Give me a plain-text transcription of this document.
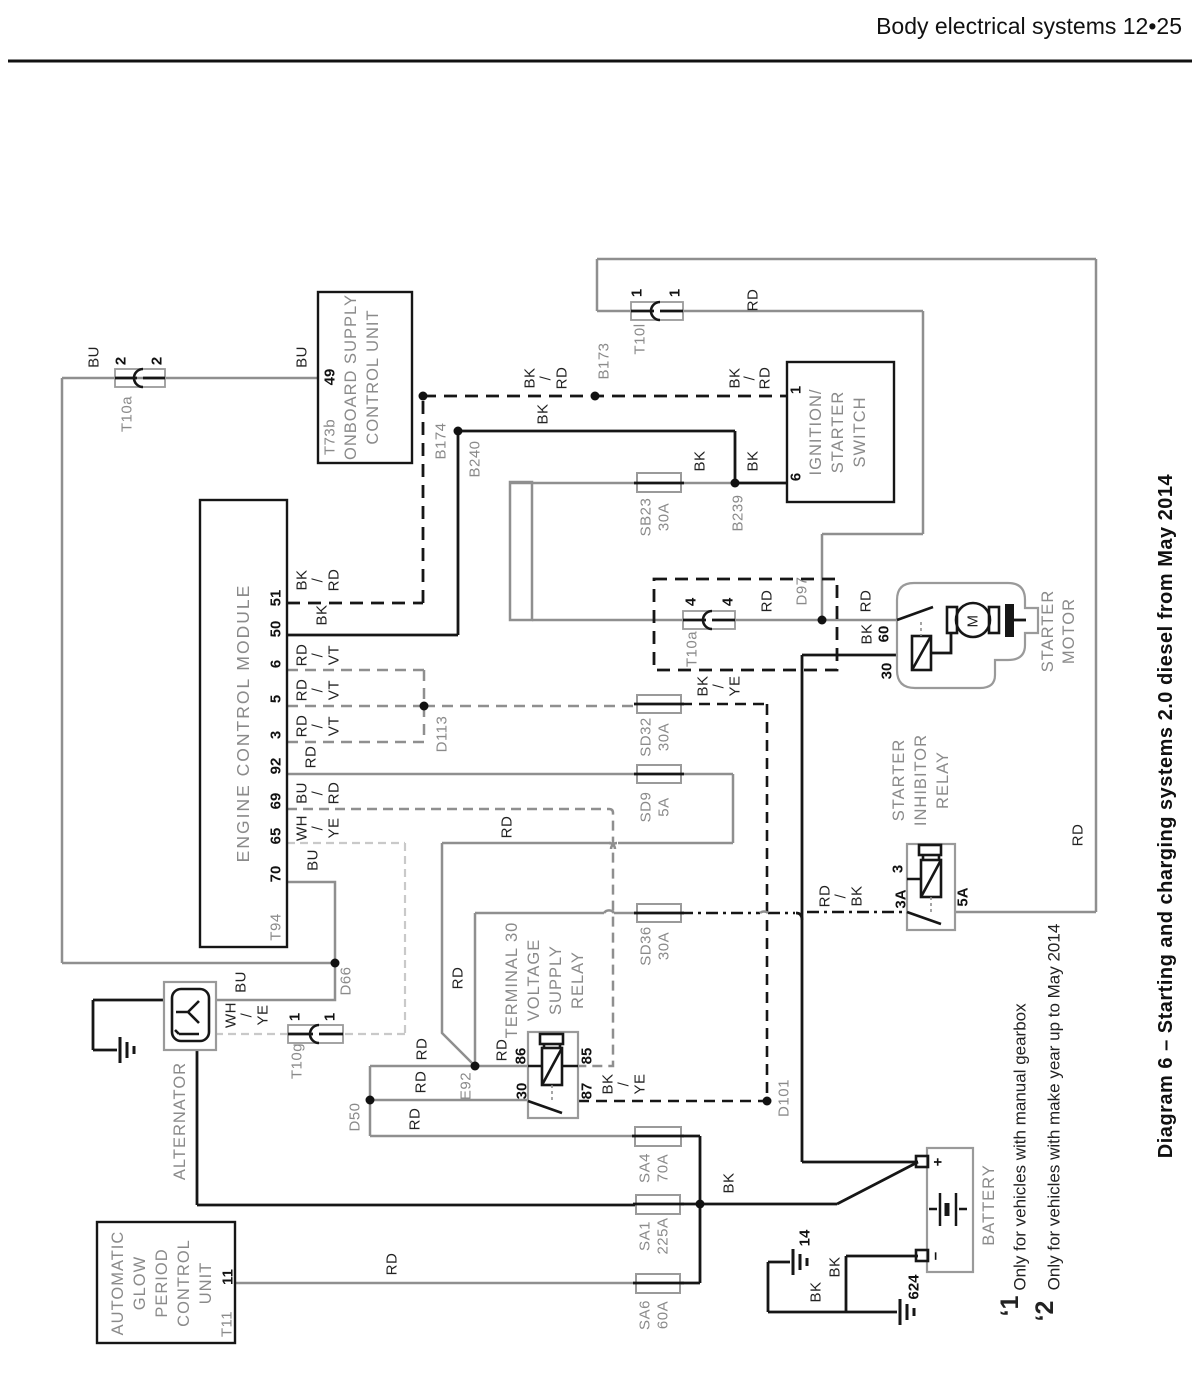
Body electrical systems 12•25
ONBOARD SUPPLY CONTROL UNIT
49
T73b
BU	BU
2 2
T10a
ENGINE CONTROL MODULE
T94
51
50
6
5
3
92
69
65
70
BK / RD
BK
RD / VT
RD / VT
RD / VT
RD
BU / RD
WH / YE
BU
B174 B240
B173
BK
BK / RD	BK
/
RD
1 1
T10l
RD
BK BK
SB23 30A	B239
IGNITION/ STARTER SWITCH
1
6
4 4
T10a
RD D97	RD
BK 60
30
M	STARTER MOTOR
BK / YE
SD32 30A
D113
SD9 5A
RD
SD36 30A
RD
RD / BK
3
3A	5A
STARTER INHIBITOR RELAY
RD
BU	D66
WH / YE 1 1
T10g
ALTERNATOR
TERMINAL 30 VOLTAGE SUPPLY RELAY
RD 86	85
30	87
E92
RD
RD
RD
D50
BK / YE	D101
SA4 70A
SA1 225A
SA6 60A
BK	BATTERY
+
−
14
624
BK
BK
AUTOMATIC GLOW PERIOD CONTROL UNIT 11
T11
RD
‘1
Only for vehicles with manual gearbox
‘2
Only for vehicles with make year up to May 2014	Diagram 6 – Starting and charging systems 2.0 diesel from May 2014
